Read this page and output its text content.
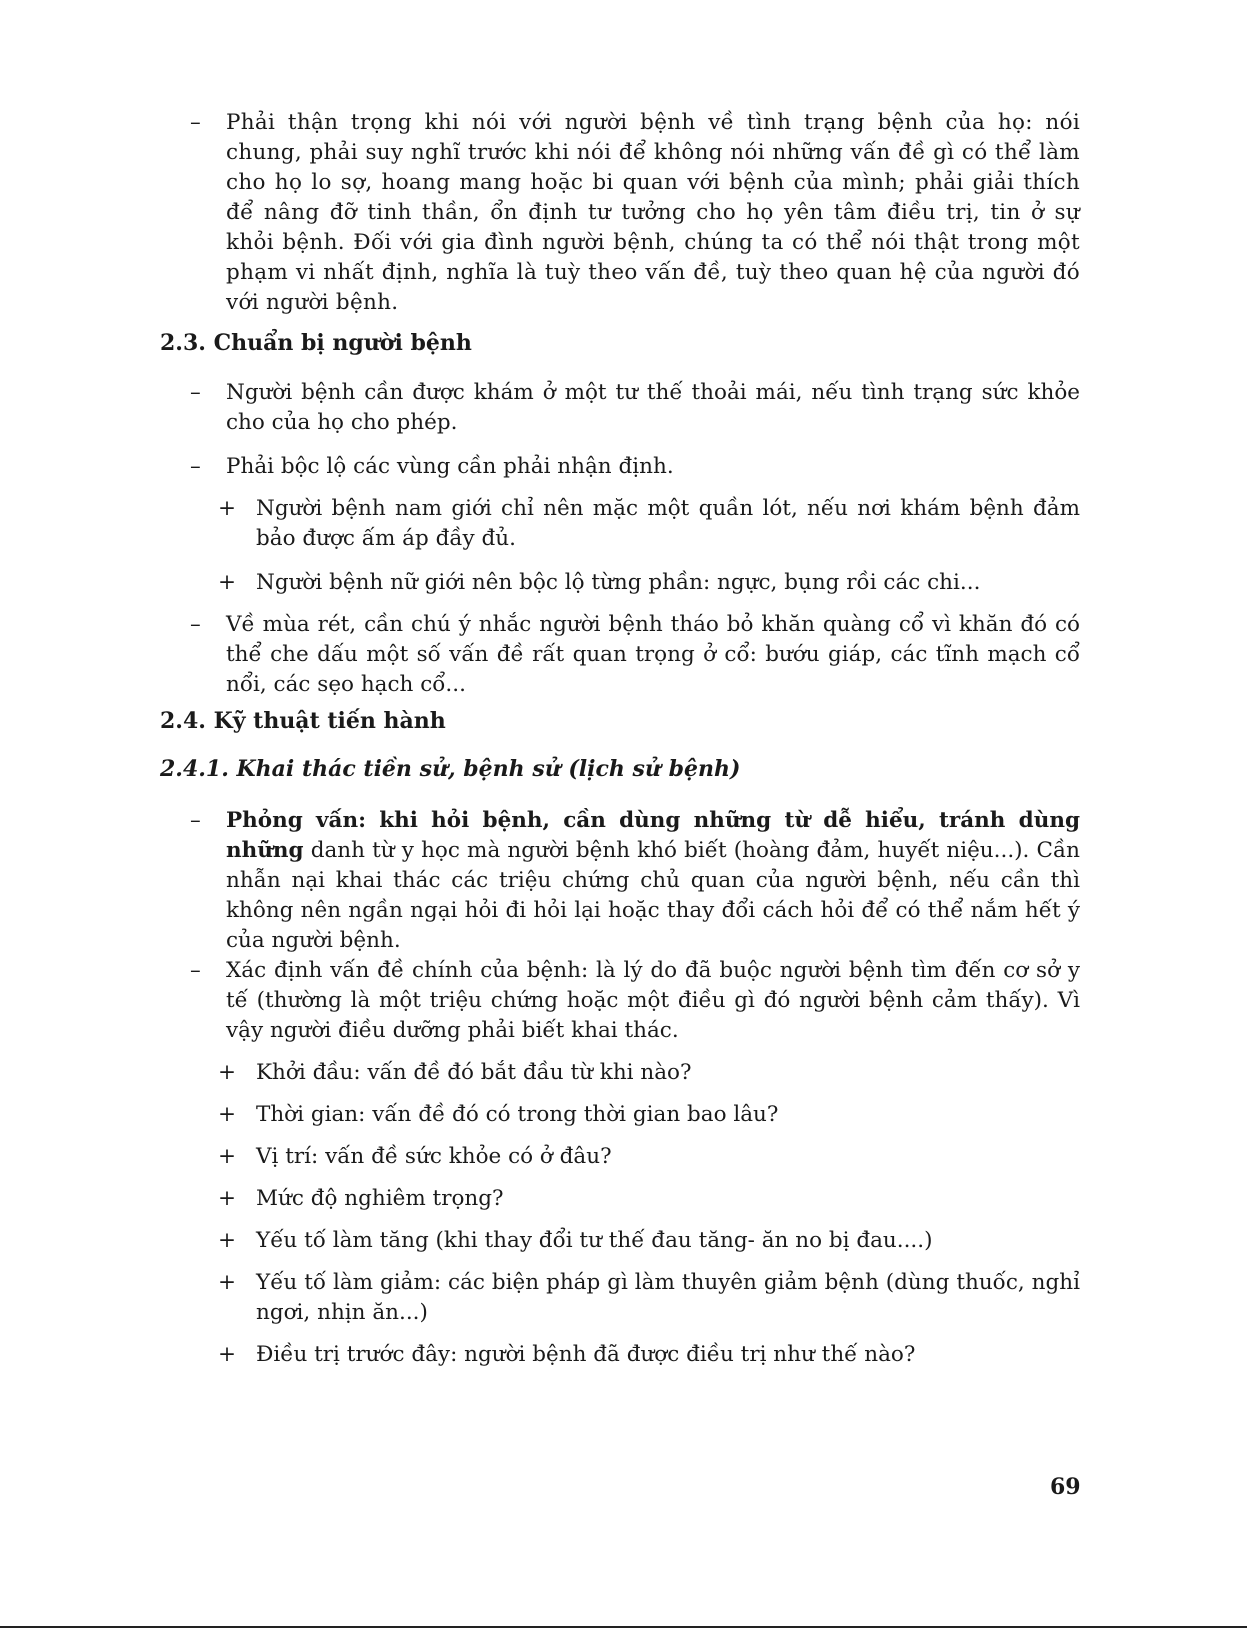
– Phải thận trọng khi nói với người bệnh về tình trạng bệnh của họ: nói chung, phải suy nghĩ trước khi nói để không nói những vấn đề gì có thể làm cho họ lo sợ, hoang mang hoặc bi quan với bệnh của mình; phải giải thích để nâng đỡ tinh thần, ổn định tư tưởng cho họ yên tâm điều trị, tin ở sự khỏi bệnh. Đối với gia đình người bệnh, chúng ta có thể nói thật trong một phạm vi nhất định, nghĩa là tuỳ theo vấn đề, tuỳ theo quan hệ của người đó với người bệnh.

2.3. Chuẩn bị người bệnh
– Người bệnh cần được khám ở một tư thế thoải mái, nếu tình trạng sức khỏe cho của họ cho phép.

– Phải bộc lộ các vùng cần phải nhận định.

+ Người bệnh nam giới chỉ nên mặc một quần lót, nếu nơi khám bệnh đảm bảo được ấm áp đầy đủ.

+ Người bệnh nữ giới nên bộc lộ từng phần: ngực, bụng rồi các chi...

– Về mùa rét, cần chú ý nhắc người bệnh tháo bỏ khăn quàng cổ vì khăn đó có thể che dấu một số vấn đề rất quan trọng ở cổ: bướu giáp, các tĩnh mạch cổ nổi, các sẹo hạch cổ...

2.4. Kỹ thuật tiến hành
2.4.1. Khai thác tiền sử, bệnh sử (lịch sử bệnh)
– Phỏng vấn: khi hỏi bệnh, cần dùng những từ dễ hiểu, tránh dùng những danh từ y học mà người bệnh khó biết (hoàng đảm, huyết niệu...). Cần nhẫn nại khai thác các triệu chứng chủ quan của người bệnh, nếu cần thì không nên ngần ngại hỏi đi hỏi lại hoặc thay đổi cách hỏi để có thể nắm hết ý của người bệnh.
– Xác định vấn đề chính của bệnh: là lý do đã buộc người bệnh tìm đến cơ sở y tế (thường là một triệu chứng hoặc một điều gì đó người bệnh cảm thấy). Vì vậy người điều dưỡng phải biết khai thác.

+ Khởi đầu: vấn đề đó bắt đầu từ khi nào?

+ Thời gian: vấn đề đó có trong thời gian bao lâu?

+ Vị trí: vấn đề sức khỏe có ở đâu?

+ Mức độ nghiêm trọng?

+ Yếu tố làm tăng (khi thay đổi tư thế đau tăng- ăn no bị đau....)

+ Yếu tố làm giảm: các biện pháp gì làm thuyên giảm bệnh (dùng thuốc, nghỉ ngơi, nhịn ăn...)

+ Điều trị trước đây: người bệnh đã được điều trị như thế nào?

69
